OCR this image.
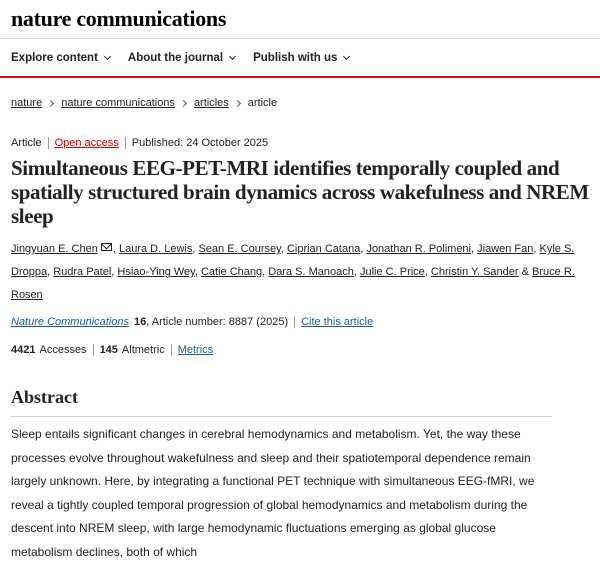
nature communications
Explore content	About the journal	Publish with us
nature nature communications articles article
Article Open access Published: 24 October 2025
Simultaneous EEG-PET-MRI identifies temporally coupled and spatially structured brain dynamics across wakefulness and NREM sleep
Jingyuan E. Chen , Laura D. Lewis, Sean E. Coursey, Ciprian Catana, Jonathan R. Polimeni, Jiawen Fan, Kyle S. Droppa, Rudra Patel, Hsiao-Ying Wey, Catie Chang, Dara S. Manoach, Julie C. Price, Christin Y. Sander & Bruce R. Rosen
Nature Communications 16 , Article number: 8887 (2025) Cite this article
4421 Accesses 145 Altmetric Metrics
Abstract

Sleep entails significant changes in cerebral hemodynamics and metabolism. Yet, the way these processes evolve throughout wakefulness and sleep and their spatiotemporal dependence remain largely unknown. Here, by integrating a functional PET technique with simultaneous EEG-fMRI, we reveal a tightly coupled temporal progression of global hemodynamics and metabolism during the descent into NREM sleep, with large hemodynamic fluctuations emerging as global glucose metabolism declines, both of which
